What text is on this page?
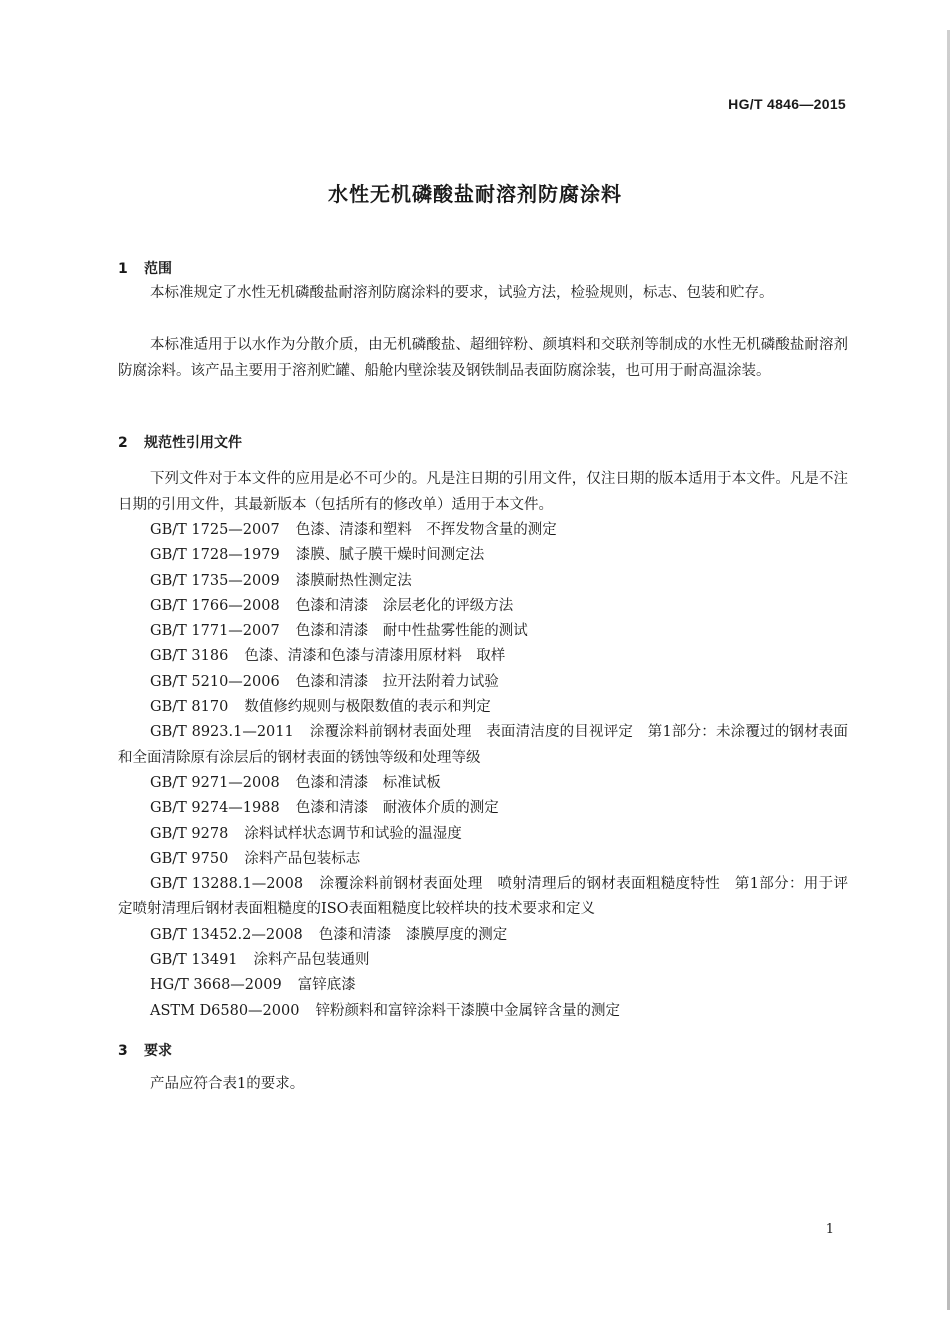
HG/T 4846—2015
水性无机磷酸盐耐溶剂防腐涂料
1 范围

本标准规定了水性无机磷酸盐耐溶剂防腐涂料的要求，试验方法，检验规则，标志、包装和贮存。

本标准适用于以水作为分散介质，由无机磷酸盐、超细锌粉、颜填料和交联剂等制成的水性无机磷酸盐耐溶剂防腐涂料。该产品主要用于溶剂贮罐、船舱内壁涂装及钢铁制品表面防腐涂装，也可用于耐高温涂装。

2 规范性引用文件

下列文件对于本文件的应用是必不可少的。凡是注日期的引用文件，仅注日期的版本适用于本文件。凡是不注日期的引用文件，其最新版本（包括所有的修改单）适用于本文件。

GB/T 1725—2007 色漆、清漆和塑料　不挥发物含量的测定
GB/T 1728—1979 漆膜、腻子膜干燥时间测定法
GB/T 1735—2009 漆膜耐热性测定法
GB/T 1766—2008 色漆和清漆　涂层老化的评级方法
GB/T 1771—2007 色漆和清漆　耐中性盐雾性能的测试
GB/T 3186 色漆、清漆和色漆与清漆用原材料　取样
GB/T 5210—2006 色漆和清漆　拉开法附着力试验
GB/T 8170 数值修约规则与极限数值的表示和判定
GB/T 8923.1—2011 涂覆涂料前钢材表面处理　表面清洁度的目视评定　第1部分：未涂覆过的钢材表面和全面清除原有涂层后的钢材表面的锈蚀等级和处理等级
GB/T 9271—2008 色漆和清漆　标准试板
GB/T 9274—1988 色漆和清漆　耐液体介质的测定
GB/T 9278 涂料试样状态调节和试验的温湿度
GB/T 9750 涂料产品包装标志
GB/T 13288.1—2008 涂覆涂料前钢材表面处理　喷射清理后的钢材表面粗糙度特性　第1部分：用于评定喷射清理后钢材表面粗糙度的ISO表面粗糙度比较样块的技术要求和定义
GB/T 13452.2—2008 色漆和清漆　漆膜厚度的测定
GB/T 13491 涂料产品包装通则
HG/T 3668—2009 富锌底漆
ASTM D6580—2000 锌粉颜料和富锌涂料干漆膜中金属锌含量的测定
3 要求
产品应符合表1的要求。
1
